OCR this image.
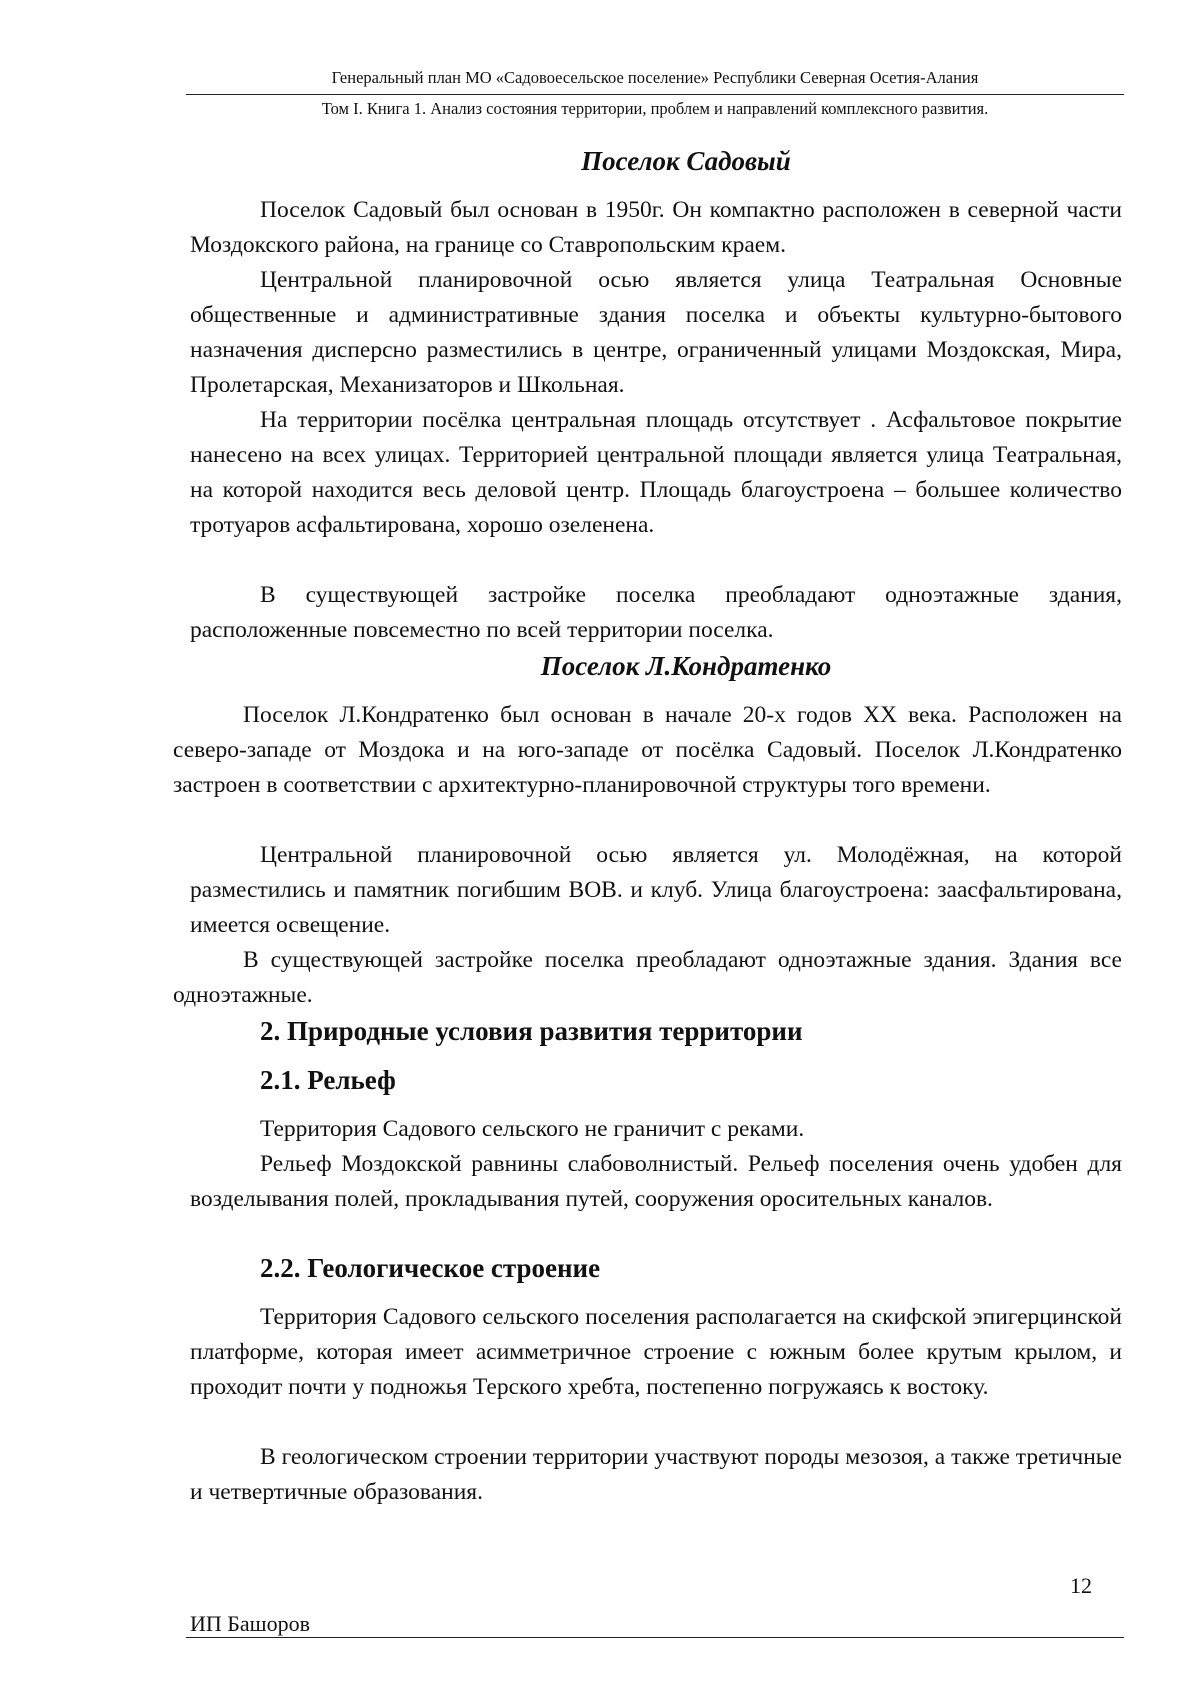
Генеральный план МО «Садовоесельское поселение» Республики Северная Осетия-Алания
Том I. Книга 1. Анализ состояния территории, проблем и направлений комплексного развития.
Поселок Садовый
Поселок Садовый был основан в 1950г. Он компактно расположен в северной части Моздокского района, на границе со Ставропольским краем.
Центральной планировочной осью является улица Театральная Основные общественные и административные здания поселка и объекты культурно-бытового назначения дисперсно разместились в центре, ограниченный улицами Моздокская, Мира, Пролетарская, Механизаторов и Школьная.
На территории посёлка центральная площадь отсутствует . Асфальтовое покрытие нанесено на всех улицах. Территорией центральной площади является улица Театральная, на которой находится весь деловой центр. Площадь благоустроена – большее количество тротуаров асфальтирована, хорошо озеленена.
В существующей застройке поселка преобладают одноэтажные здания, расположенные повсеместно по всей территории поселка.
Поселок Л.Кондратенко
Поселок Л.Кондратенко был основан в начале 20-х годов ХХ века. Расположен на северо-западе от Моздока и на юго-западе от посёлка Садовый. Поселок Л.Кондратенко застроен в соответствии с архитектурно-планировочной структуры того времени.
Центральной планировочной осью является ул. Молодёжная, на которой разместились и памятник погибшим ВОВ. и клуб. Улица благоустроена: заасфальтирована, имеется освещение.
В существующей застройке поселка преобладают одноэтажные здания. Здания все одноэтажные.
2. Природные условия развития территории
2.1. Рельеф
Территория Садового сельского не граничит с реками.
Рельеф Моздокской равнины слабоволнистый. Рельеф поселения очень удобен для возделывания полей, прокладывания путей, сооружения оросительных каналов.
2.2. Геологическое строение
Территория Садового сельского поселения располагается на скифской эпигерцинской платформе, которая имеет асимметричное строение с южным более крутым крылом, и проходит почти у подножья Терского хребта, постепенно погружаясь к востоку.
В геологическом строении территории участвуют породы мезозоя, а также третичные и четвертичные образования.
12
ИП Башоров
